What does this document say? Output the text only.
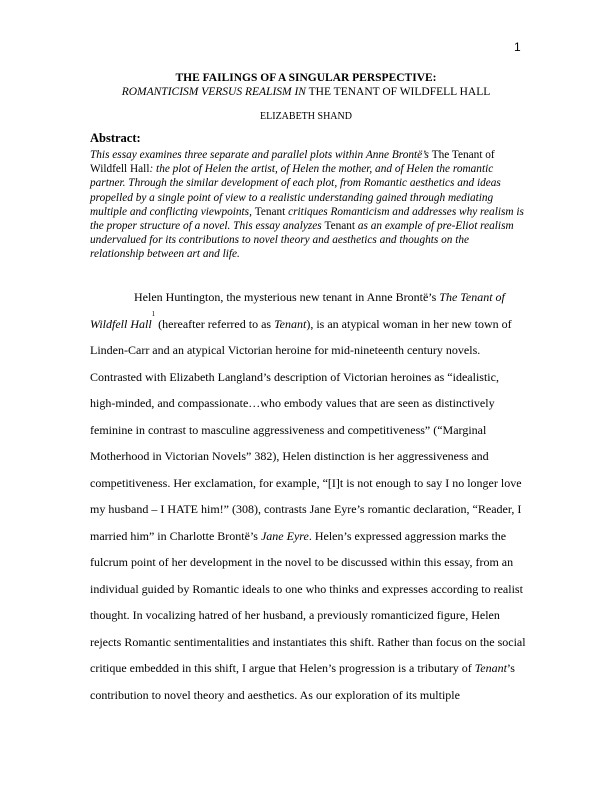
1
THE FAILINGS OF A SINGULAR PERSPECTIVE:
ROMANTICISM VERSUS REALISM IN THE TENANT OF WILDFELL HALL
ELIZABETH SHAND
Abstract:
This essay examines three separate and parallel plots within Anne Brontë’s The Tenant of Wildfell Hall: the plot of Helen the artist, of Helen the mother, and of Helen the romantic partner. Through the similar development of each plot, from Romantic aesthetics and ideas propelled by a single point of view to a realistic understanding gained through mediating multiple and conflicting viewpoints, Tenant critiques Romanticism and addresses why realism is the proper structure of a novel. This essay analyzes Tenant as an example of pre-Eliot realism undervalued for its contributions to novel theory and aesthetics and thoughts on the relationship between art and life.

Helen Huntington, the mysterious new tenant in Anne Brontë’s The Tenant of Wildfell Hall$^1$ (hereafter referred to as Tenant), is an atypical woman in her new town of Linden-Carr and an atypical Victorian heroine for mid-nineteenth century novels. Contrasted with Elizabeth Langland’s description of Victorian heroines as “idealistic, high-minded, and compassionate…who embody values that are seen as distinctively feminine in contrast to masculine aggressiveness and competitiveness” (“Marginal Motherhood in Victorian Novels” 382), Helen distinction is her aggressiveness and competitiveness. Her exclamation, for example, “[I]t is not enough to say I no longer love my husband – I HATE him!” (308), contrasts Jane Eyre’s romantic declaration, “Reader, I married him” in Charlotte Brontë’s Jane Eyre. Helen’s expressed aggression marks the fulcrum point of her development in the novel to be discussed within this essay, from an individual guided by Romantic ideals to one who thinks and expresses according to realist thought. In vocalizing hatred of her husband, a previously romanticized figure, Helen rejects Romantic sentimentalities and instantiates this shift. Rather than focus on the social critique embedded in this shift, I argue that Helen’s progression is a tributary of Tenant’s contribution to novel theory and aesthetics. As our exploration of its multiple
